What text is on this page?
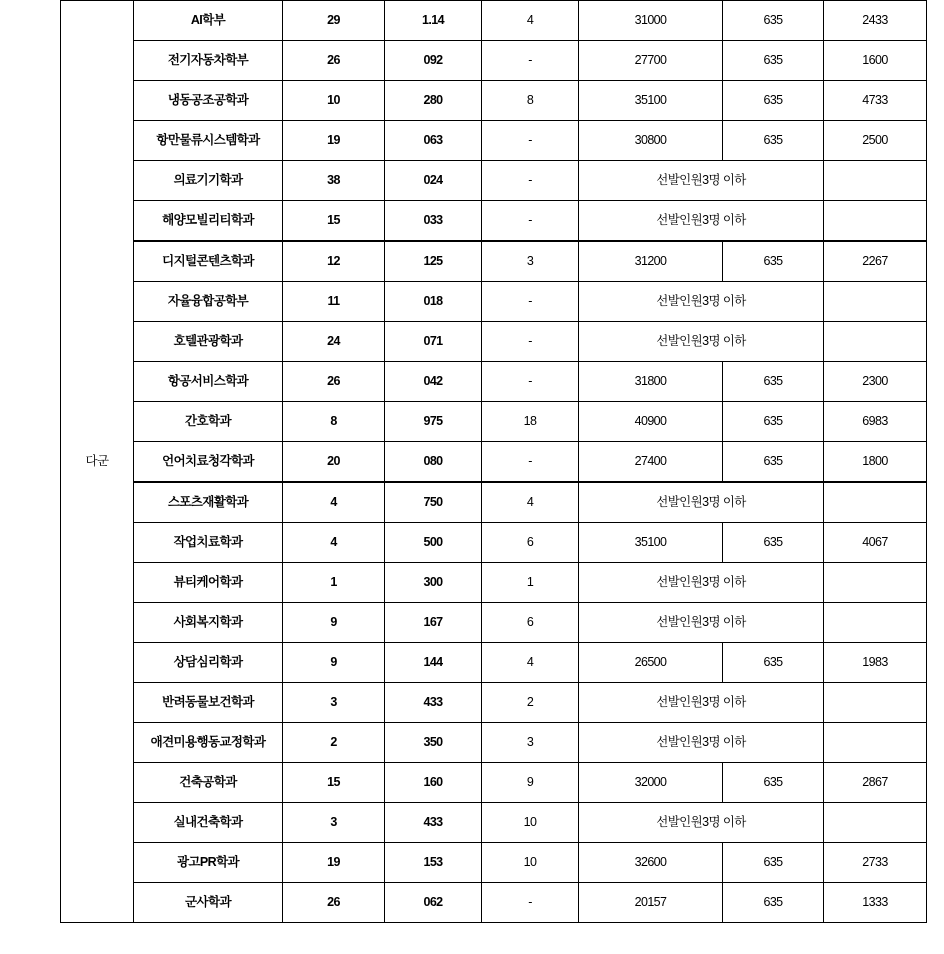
다군	AI학부	29	1.14	4	31000	635	2433
	전기자동차학부	26	092	-	27700	635	1600
	냉동공조공학과	10	280	8	35100	635	4733
	항만물류시스템학과	19	063	-	30800	635	2500
	의료기기학과	38	024	-	선발인원3명 이하		
	해양모빌리티학과	15	033	-	선발인원3명 이하		
	디지털콘텐츠학과	12	125	3	31200	635	2267
	자율융합공학부	11	018	-	선발인원3명 이하		
	호텔관광학과	24	071	-	선발인원3명 이하		
	항공서비스학과	26	042	-	31800	635	2300
	간호학과	8	975	18	40900	635	6983
	언어치료청각학과	20	080	-	27400	635	1800
	스포츠재활학과	4	750	4	선발인원3명 이하		
	작업치료학과	4	500	6	35100	635	4067
	뷰티케어학과	1	300	1	선발인원3명 이하		
	사회복지학과	9	167	6	선발인원3명 이하		
	상담심리학과	9	144	4	26500	635	1983
	반려동물보건학과	3	433	2	선발인원3명 이하		
	애견미용행동교정학과	2	350	3	선발인원3명 이하		
	건축공학과	15	160	9	32000	635	2867
	실내건축학과	3	433	10	선발인원3명 이하		
	광고PR학과	19	153	10	32600	635	2733
	군사학과	26	062	-	20157	635	1333
